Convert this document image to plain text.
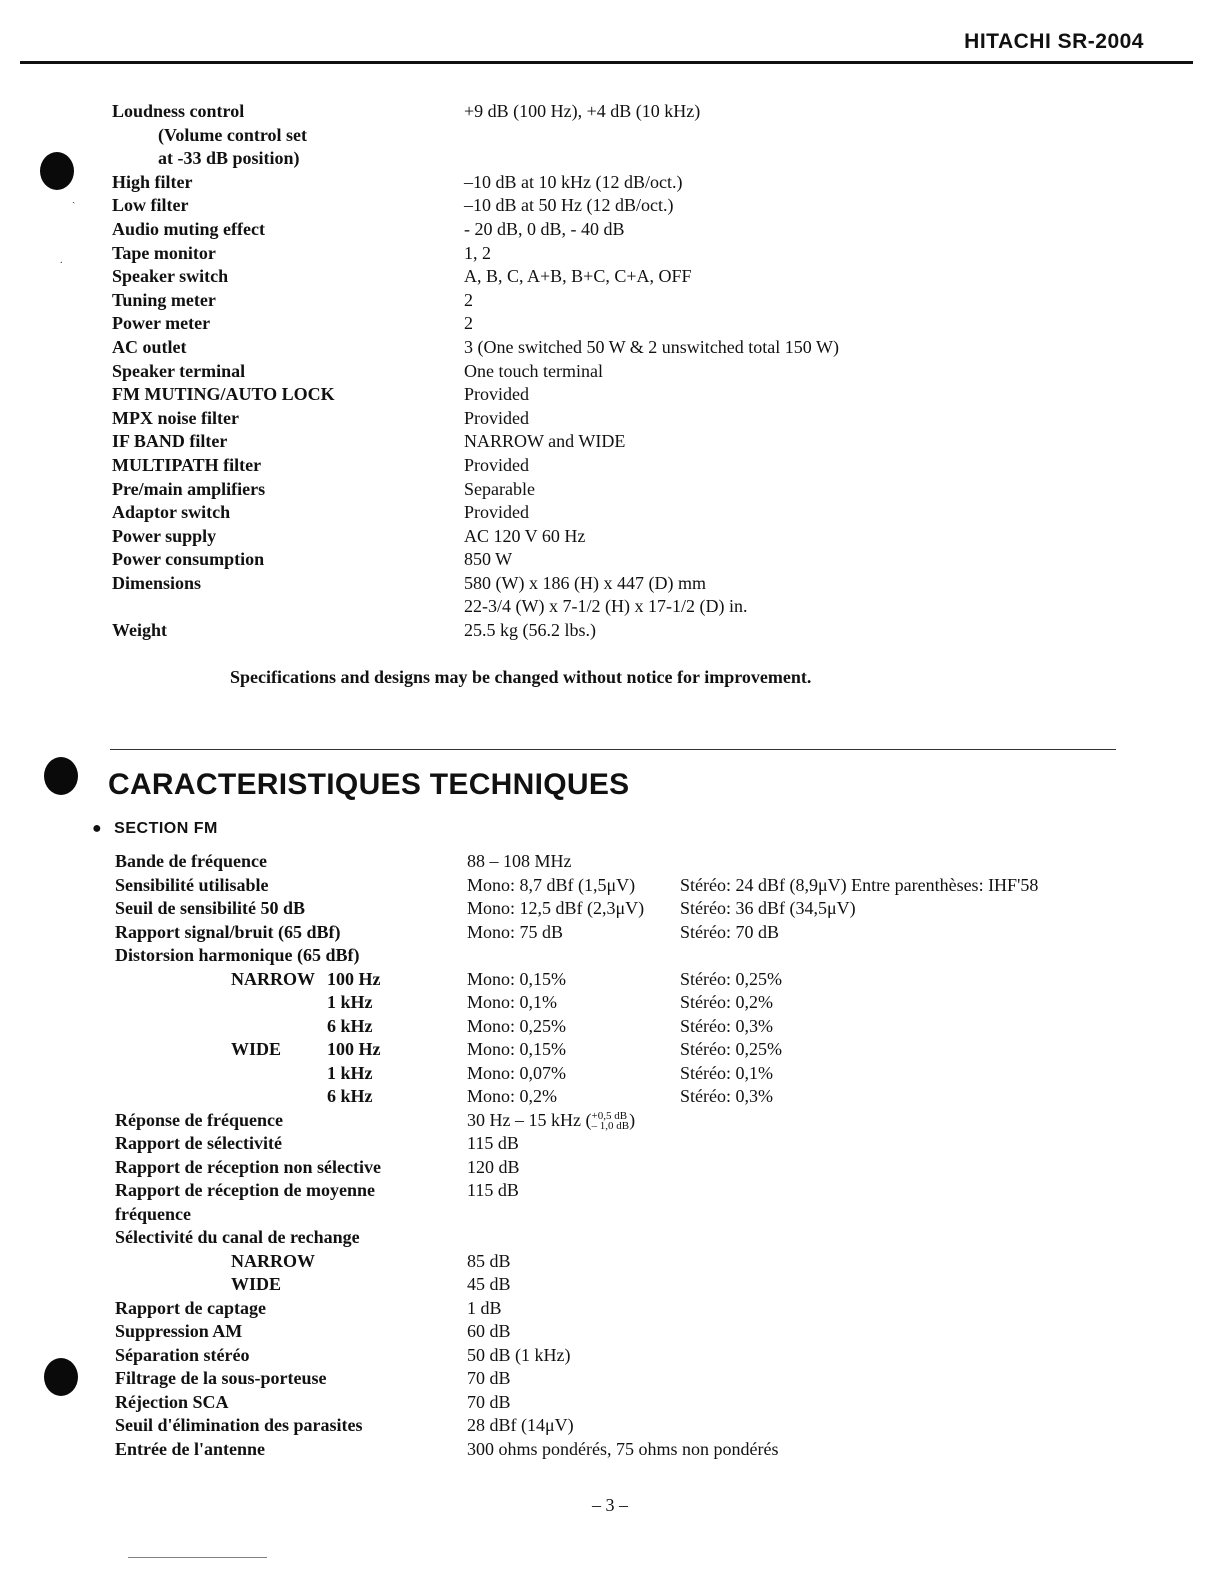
HITACHI SR-2004
ˎ
.
Loudness control	+9 dB (100 Hz), +4 dB (10 kHz)
(Volume control set
at -33 dB position)
High filter	–10 dB at 10 kHz (12 dB/oct.)
Low filter	–10 dB at 50 Hz (12 dB/oct.)
Audio muting effect	- 20 dB, 0 dB, - 40 dB
Tape monitor	1, 2
Speaker switch	A, B, C, A+B, B+C, C+A, OFF
Tuning meter	2
Power meter	2
AC outlet	3 (One switched 50 W & 2 unswitched total 150 W)
Speaker terminal	One touch terminal
FM MUTING/AUTO LOCK	Provided
MPX noise filter	Provided
IF BAND filter	NARROW and WIDE
MULTIPATH filter	Provided
Pre/main amplifiers	Separable
Adaptor switch	Provided
Power supply	AC 120 V 60 Hz
Power consumption	850 W
Dimensions	580 (W) x 186 (H) x 447 (D) mm
22-3/4 (W) x 7-1/2 (H) x 17-1/2 (D) in.
Weight	25.5 kg (56.2 lbs.)
Specifications and designs may be changed without notice for improvement.
CARACTERISTIQUES TECHNIQUES
● SECTION FM
Bande de fréquence	88 – 108 MHz
Sensibilité utilisable	Mono: 8,7 dBf (1,5μV)	Stéréo: 24 dBf (8,9μV) Entre parenthèses: IHF'58
Seuil de sensibilité 50 dB	Mono: 12,5 dBf (2,3μV)	Stéréo: 36 dBf (34,5μV)
Rapport signal/bruit (65 dBf)	Mono: 75 dB	Stéréo: 70 dB
Distorsion harmonique (65 dBf)
NARROW 100 Hz	Mono: 0,15%	Stéréo: 0,25%
1 kHz	Mono: 0,1%	Stéréo: 0,2%
6 kHz	Mono: 0,25%	Stéréo: 0,3%
WIDE	100 Hz	Mono: 0,15%	Stéréo: 0,25%
1 kHz	Mono: 0,07%	Stéréo: 0,1%
6 kHz	Mono: 0,2%	Stéréo: 0,3%
Réponse de fréquence	30 Hz – 15 kHz ( +0,5 dB
– 1,0 dB )
Rapport de sélectivité	115 dB
Rapport de réception non sélective	120 dB
Rapport de réception de moyenne	115 dB
fréquence
Sélectivité du canal de rechange
NARROW	85 dB
WIDE	45 dB
Rapport de captage	1 dB
Suppression AM	60 dB
Séparation stéréo	50 dB (1 kHz)
Filtrage de la sous-porteuse	70 dB
Réjection SCA	70 dB
Seuil d'élimination des parasites	28 dBf (14μV)
Entrée de l'antenne	300 ohms pondérés, 75 ohms non pondérés
– 3 –
